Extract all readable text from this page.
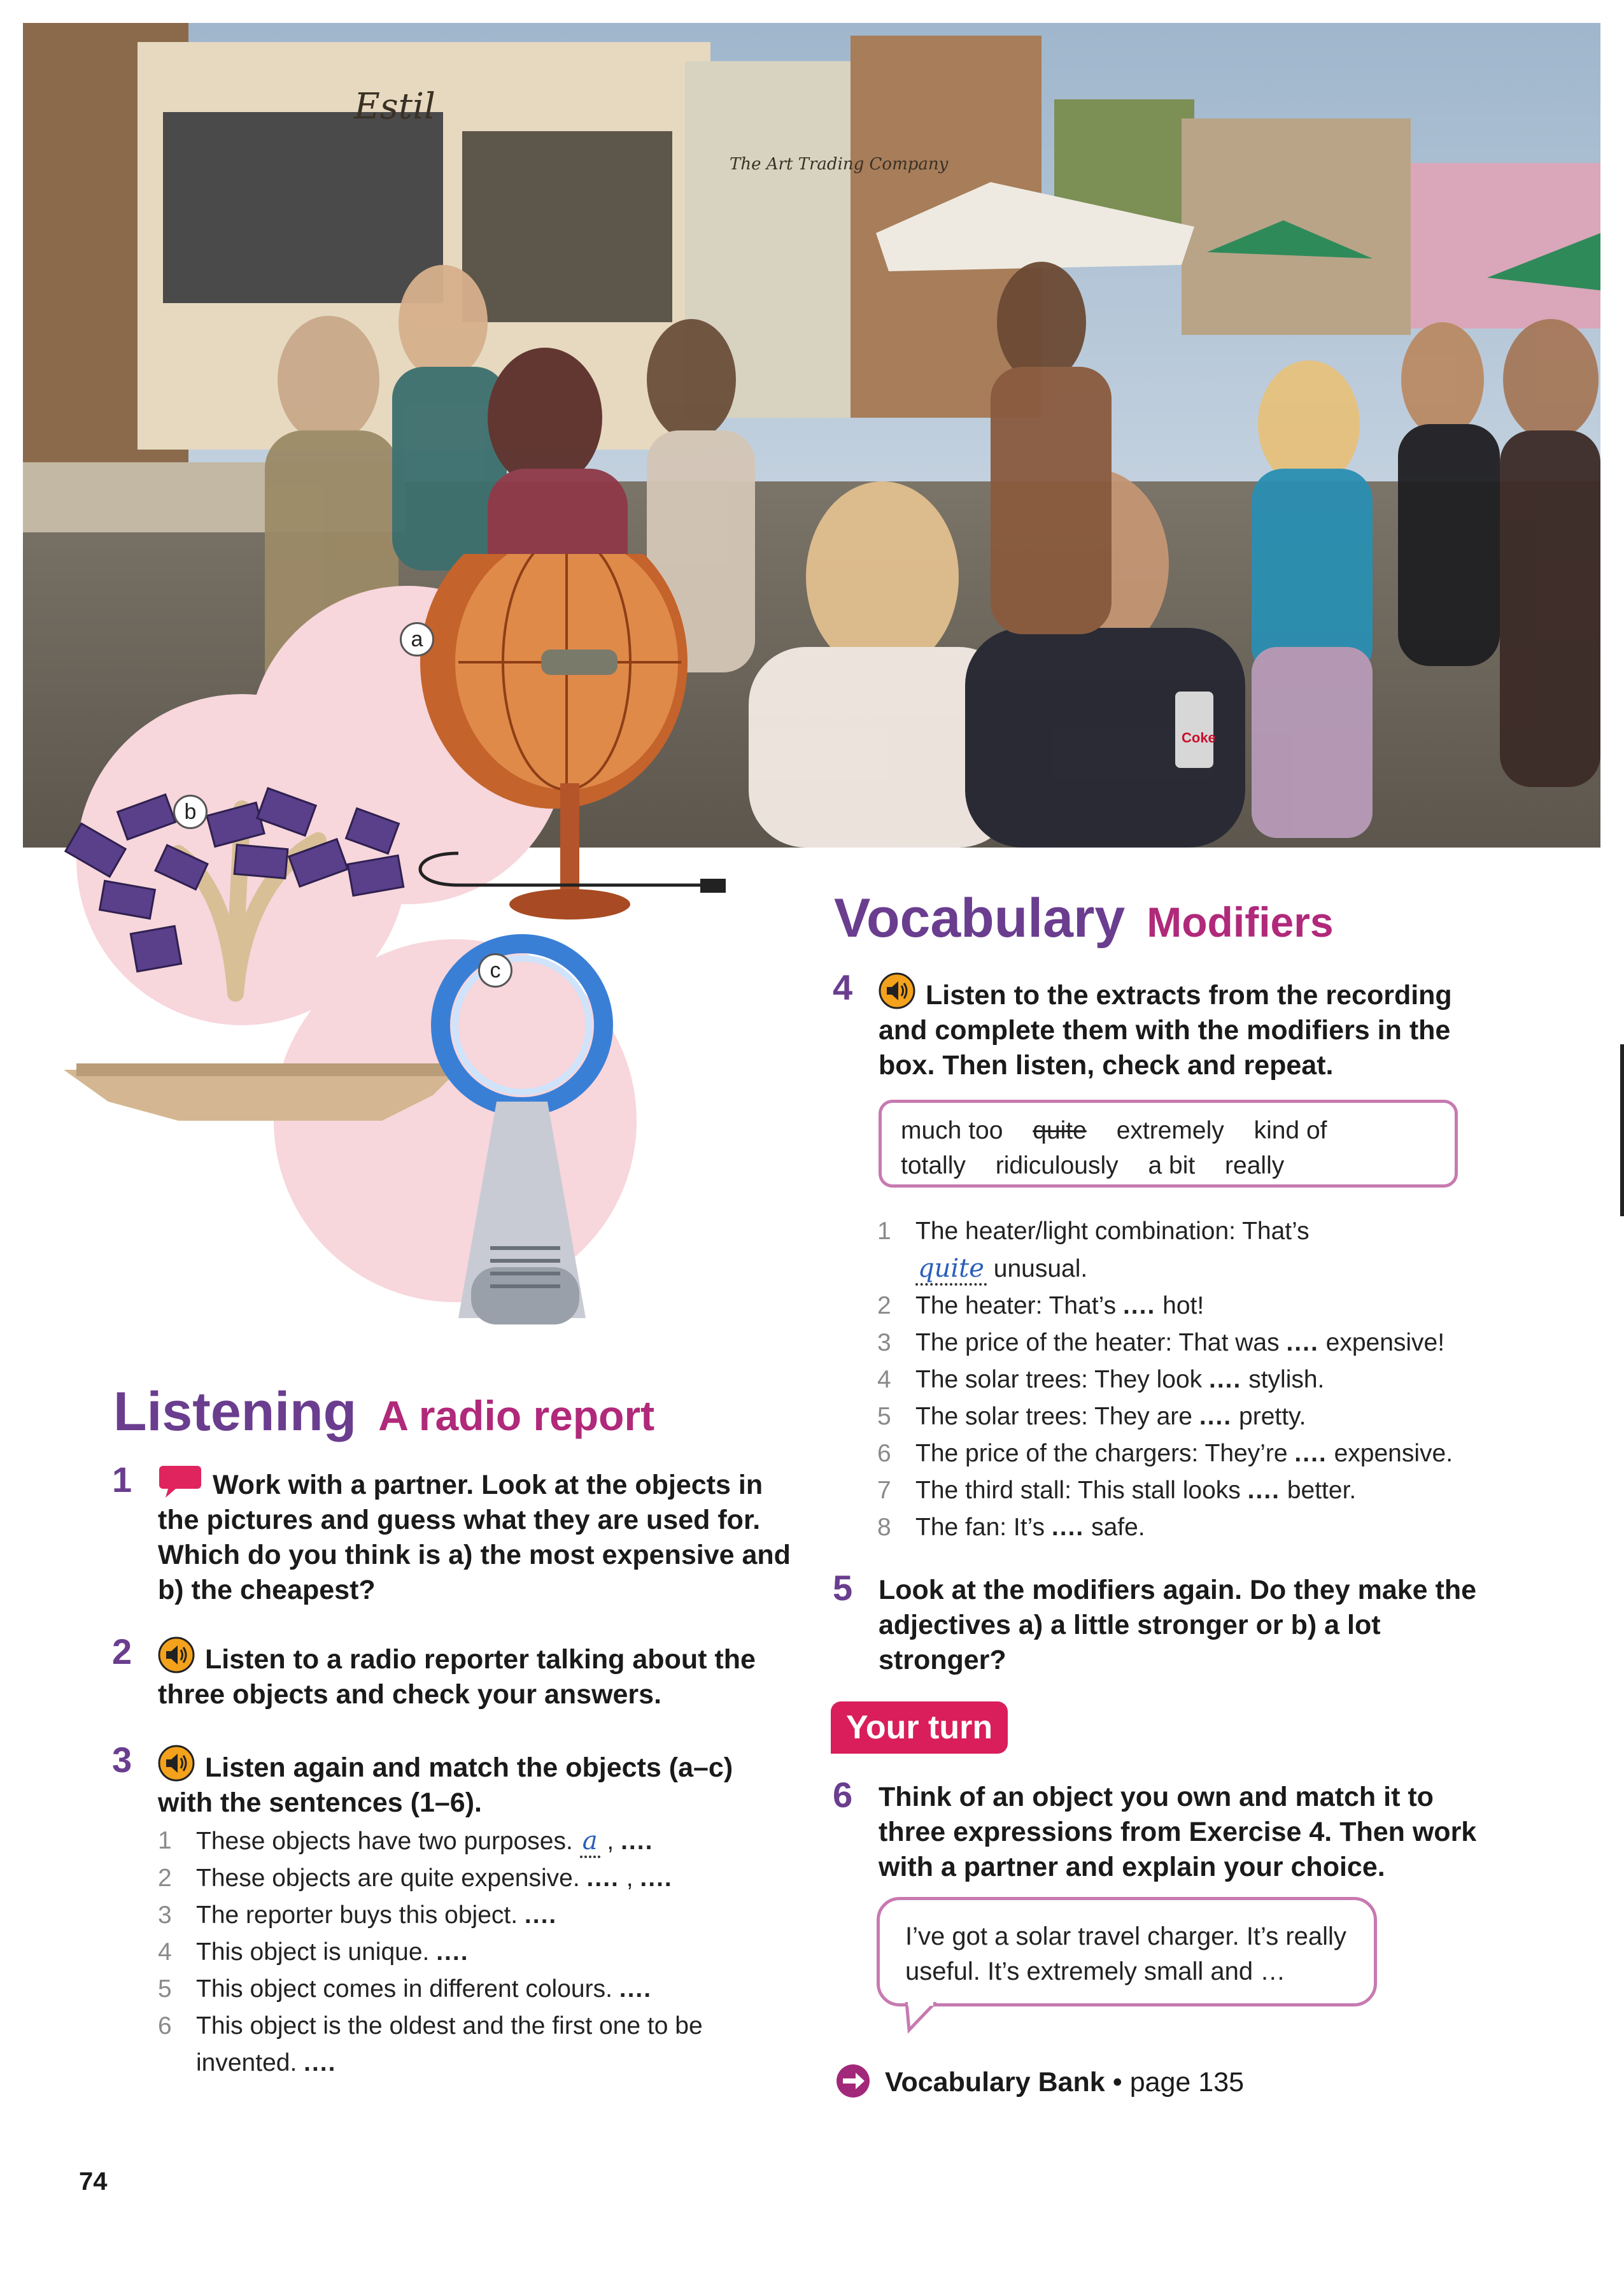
Estil
The Art Trading Company
Coke
a
b
c
Listening A radio report
1	Work with a partner. Look at the objects in the pictures and guess what they are used for. Which do you think is a) the most expensive and b) the cheapest?
2	Listen to a radio reporter talking about the three objects and check your answers.
3	Listen again and match the objects (a–c) with the sentences (1–6).
1 These objects have two purposes. a , ....
2 These objects are quite expensive. .... , ....
3 The reporter buys this object. ....
4 This object is unique. ....
5 This object comes in different colours. ....
6 This object is the oldest and the first one to be invented. ....
Vocabulary Modifiers
4	Listen to the extracts from the recording and complete them with the modifiers in the box. Then listen, check and repeat.
much too quite extremely kind of
totally ridiculously a bit really
1 The heater/light combination: That’s
quite unusual.
2 The heater: That’s .... hot!
3 The price of the heater: That was .... expensive!
4 The solar trees: They look .... stylish.
5 The solar trees: They are .... pretty.
6 The price of the chargers: They’re .... expensive.
7 The third stall: This stall looks .... better.
8 The fan: It’s .... safe.
5 Look at the modifiers again. Do they make the adjectives a) a little stronger or b) a lot stronger?
Your turn
6 Think of an object you own and match it to three expressions from Exercise 4. Then work with a partner and explain your choice.
I’ve got a solar travel charger. It’s really useful. It’s extremely small and …
Vocabulary Bank • page 135
74
